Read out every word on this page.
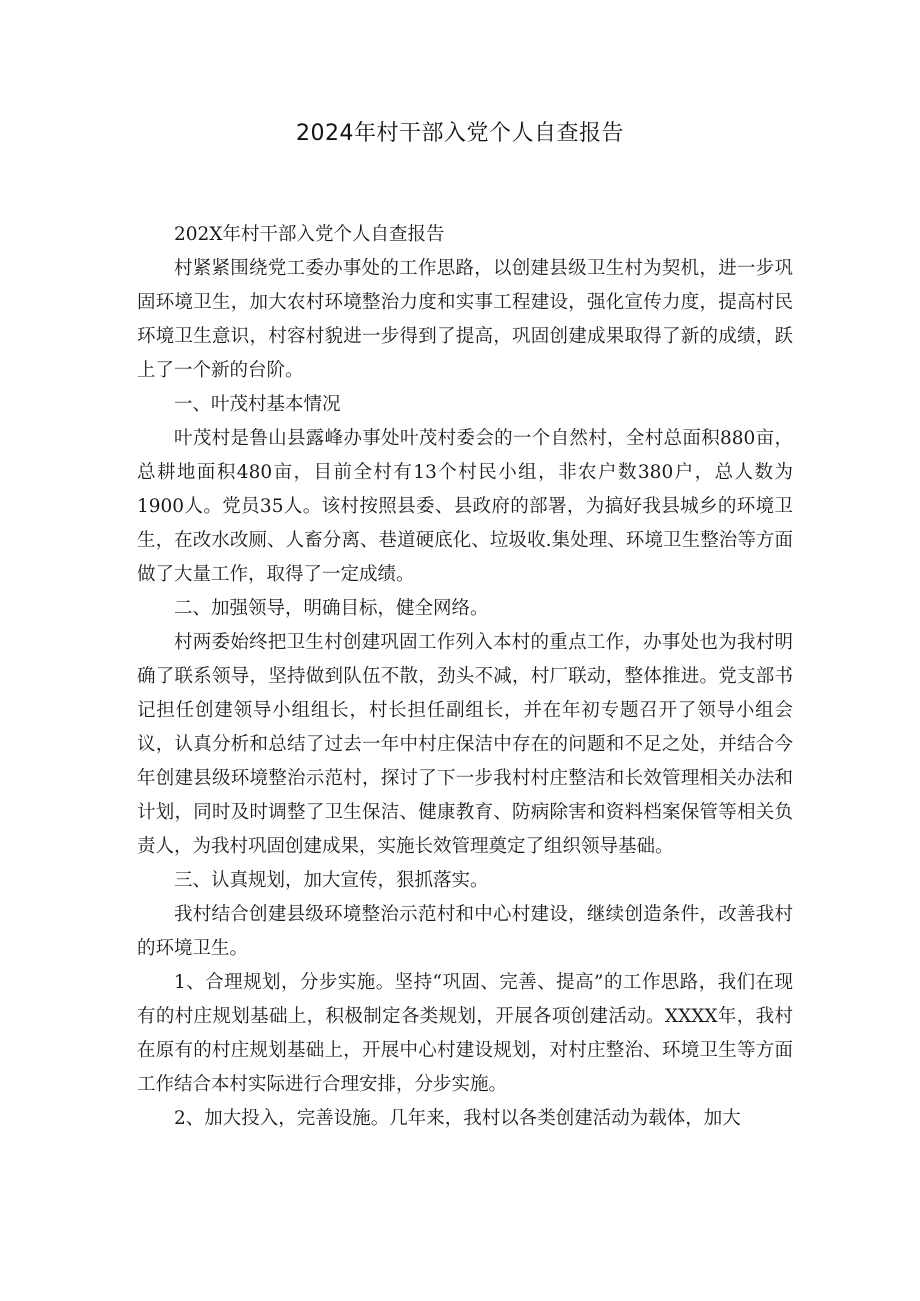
2024年村干部入党个人自查报告

202X年村干部入党个人自查报告

村紧紧围绕党工委办事处的工作思路，以创建县级卫生村为契机，进一步巩固环境卫生，加大农村环境整治力度和实事工程建设，强化宣传力度，提高村民环境卫生意识，村容村貌进一步得到了提高，巩固创建成果取得了新的成绩，跃上了一个新的台阶。

一、叶茂村基本情况

叶茂村是鲁山县露峰办事处叶茂村委会的一个自然村，全村总面积880亩，总耕地面积480亩，目前全村有13个村民小组，非农户数380户，总人数为1900人。党员35人。该村按照县委、县政府的部署，为搞好我县城乡的环境卫生，在改水改厕、人畜分离、巷道硬底化、垃圾收.集处理、环境卫生整治等方面做了大量工作，取得了一定成绩。

二、加强领导，明确目标，健全网络。

村两委始终把卫生村创建巩固工作列入本村的重点工作，办事处也为我村明确了联系领导，坚持做到队伍不散，劲头不减，村厂联动，整体推进。党支部书记担任创建领导小组组长，村长担任副组长，并在年初专题召开了领导小组会议，认真分析和总结了过去一年中村庄保洁中存在的问题和不足之处，并结合今年创建县级环境整治示范村，探讨了下一步我村村庄整洁和长效管理相关办法和计划，同时及时调整了卫生保洁、健康教育、防病除害和资料档案保管等相关负责人，为我村巩固创建成果，实施长效管理奠定了组织领导基础。

三、认真规划，加大宣传，狠抓落实。

我村结合创建县级环境整治示范村和中心村建设，继续创造条件，改善我村的环境卫生。

1、合理规划，分步实施。坚持“巩固、完善、提高”的工作思路，我们在现有的村庄规划基础上，积极制定各类规划，开展各项创建活动。XXXX年，我村在原有的村庄规划基础上，开展中心村建设规划，对村庄整治、环境卫生等方面工作结合本村实际进行合理安排，分步实施。

2、加大投入，完善设施。几年来，我村以各类创建活动为载体，加大
